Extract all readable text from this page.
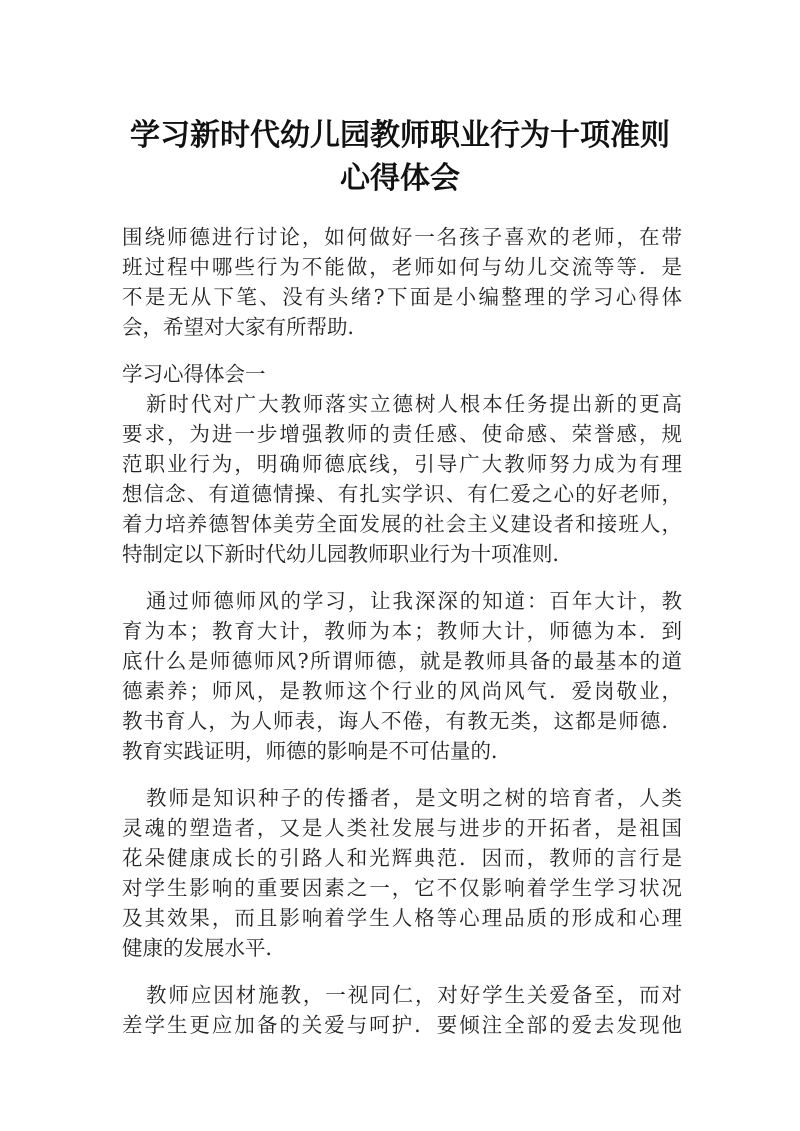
学习新时代幼儿园教师职业行为十项准则
心得体会
围绕师德进行讨论，如何做好一名孩子喜欢的老师，在带
班过程中哪些行为不能做，老师如何与幼儿交流等等．是
不是无从下笔、没有头绪?下面是小编整理的学习心得体
会，希望对大家有所帮助．
学习心得体会一
新时代对广大教师落实立德树人根本任务提出新的更高
要求，为进一步增强教师的责任感、使命感、荣誉感，规
范职业行为，明确师德底线，引导广大教师努力成为有理
想信念、有道德情操、有扎实学识、有仁爱之心的好老师，
着力培养德智体美劳全面发展的社会主义建设者和接班人，
特制定以下新时代幼儿园教师职业行为十项准则．
通过师德师风的学习，让我深深的知道：百年大计，教
育为本；教育大计，教师为本；教师大计，师德为本．到
底什么是师德师风?所谓师德，就是教师具备的最基本的道
德素养；师风，是教师这个行业的风尚风气．爱岗敬业，
教书育人，为人师表，诲人不倦，有教无类，这都是师德．
教育实践证明，师德的影响是不可估量的．
教师是知识种子的传播者，是文明之树的培育者，人类
灵魂的塑造者，又是人类社发展与进步的开拓者，是祖国
花朵健康成长的引路人和光辉典范．因而，教师的言行是
对学生影响的重要因素之一，它不仅影响着学生学习状况
及其效果，而且影响着学生人格等心理品质的形成和心理
健康的发展水平．
教师应因材施教，一视同仁，对好学生关爱备至，而对
差学生更应加备的关爱与呵护．要倾注全部的爱去发现他
